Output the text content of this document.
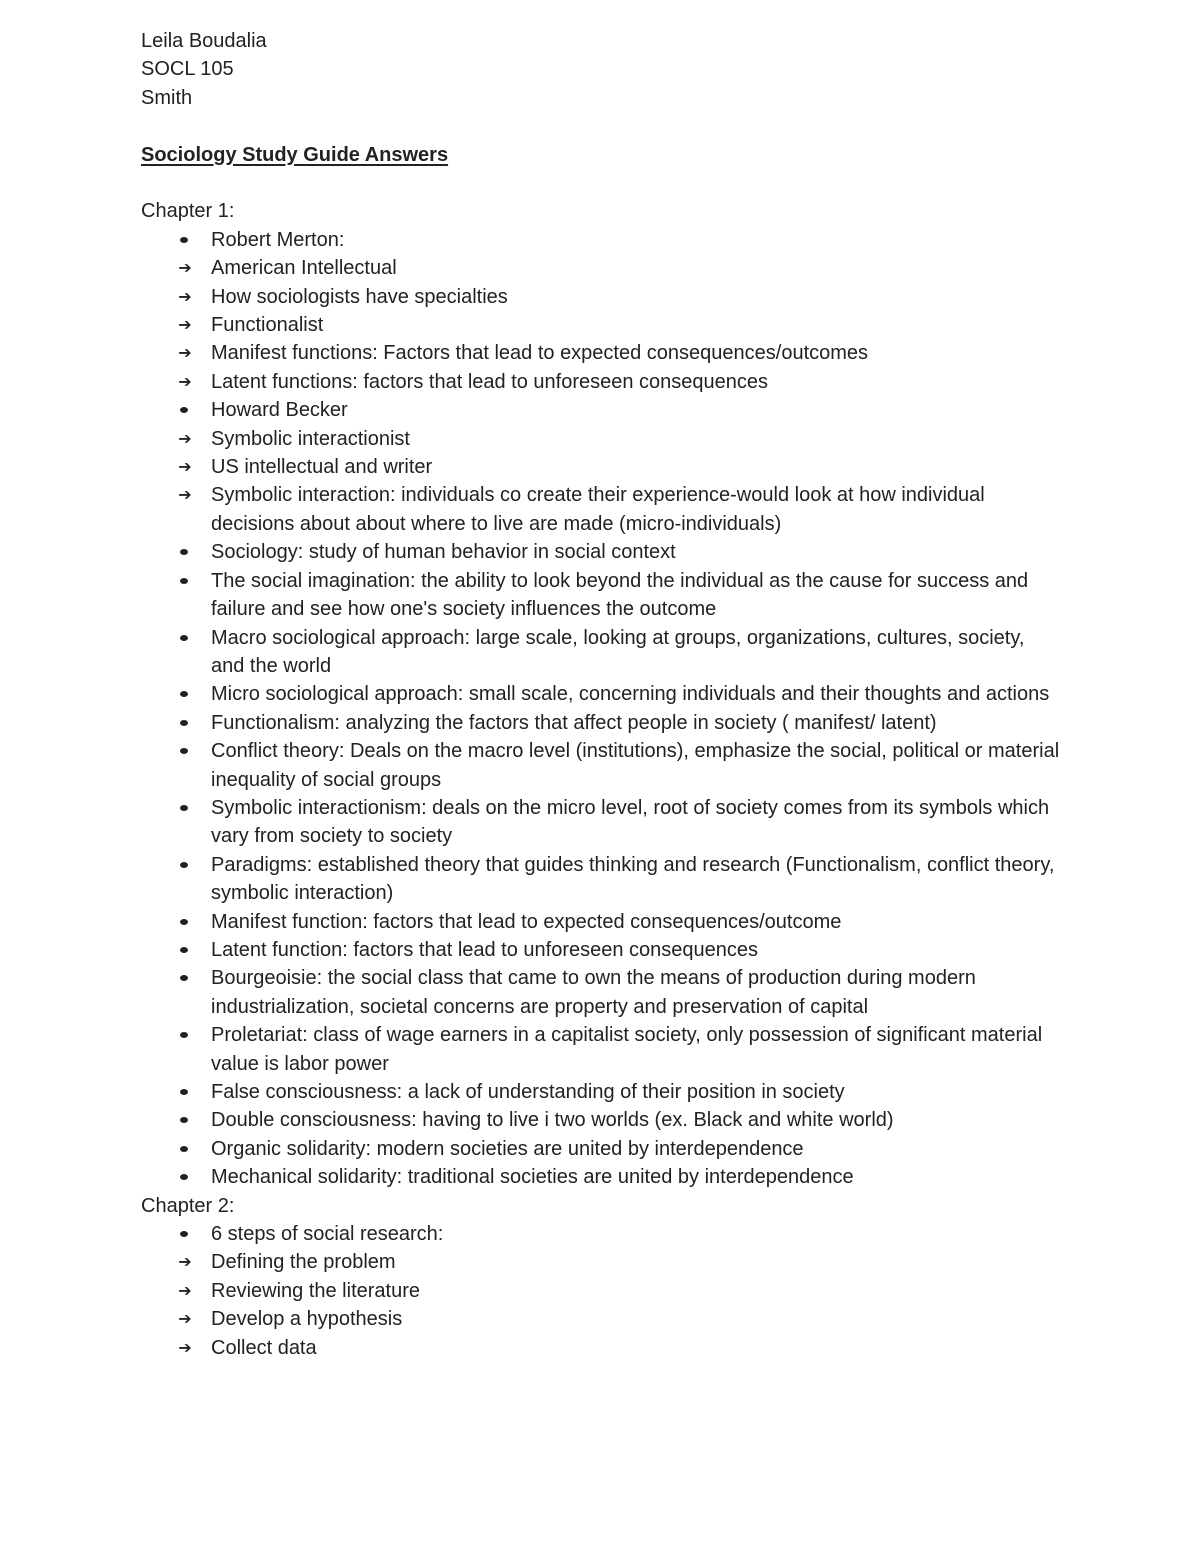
Leila Boudalia

SOCL 105

Smith

Sociology Study Guide Answers

Chapter 1:

Robert Merton:
➔ American Intellectual
➔ How sociologists have specialties
➔ Functionalist
➔ Manifest functions: Factors that lead to expected consequences/outcomes
➔ Latent functions: factors that lead to unforeseen consequences
Howard Becker
➔ Symbolic interactionist
➔ US intellectual and writer
➔ Symbolic interaction: individuals co create their experience-would look at how individual decisions about about where to live are made (micro-individuals)
Sociology: study of human behavior in social context
The social imagination: the ability to look beyond the individual as the cause for success and failure and see how one's society influences the outcome
Macro sociological approach: large scale, looking at groups, organizations, cultures, society, and the world
Micro sociological approach: small scale, concerning individuals and their thoughts and actions
Functionalism: analyzing the factors that affect people in society ( manifest/ latent)
Conflict theory: Deals on the macro level (institutions), emphasize the social, political or material inequality of social groups
Symbolic interactionism: deals on the micro level, root of society comes from its symbols which vary from society to society
Paradigms: established theory that guides thinking and research (Functionalism, conflict theory, symbolic interaction)
Manifest function: factors that lead to expected consequences/outcome
Latent function: factors that lead to unforeseen consequences
Bourgeoisie: the social class that came to own the means of production during modern industrialization, societal concerns are property and preservation of capital
Proletariat: class of wage earners in a capitalist society, only possession of significant material value is labor power
False consciousness: a lack of understanding of their position in society
Double consciousness: having to live i two worlds (ex. Black and white world)
Organic solidarity: modern societies are united by interdependence
Mechanical solidarity: traditional societies are united by interdependence

Chapter 2:

6 steps of social research:
➔ Defining the problem
➔ Reviewing the literature
➔ Develop a hypothesis
➔ Collect data
